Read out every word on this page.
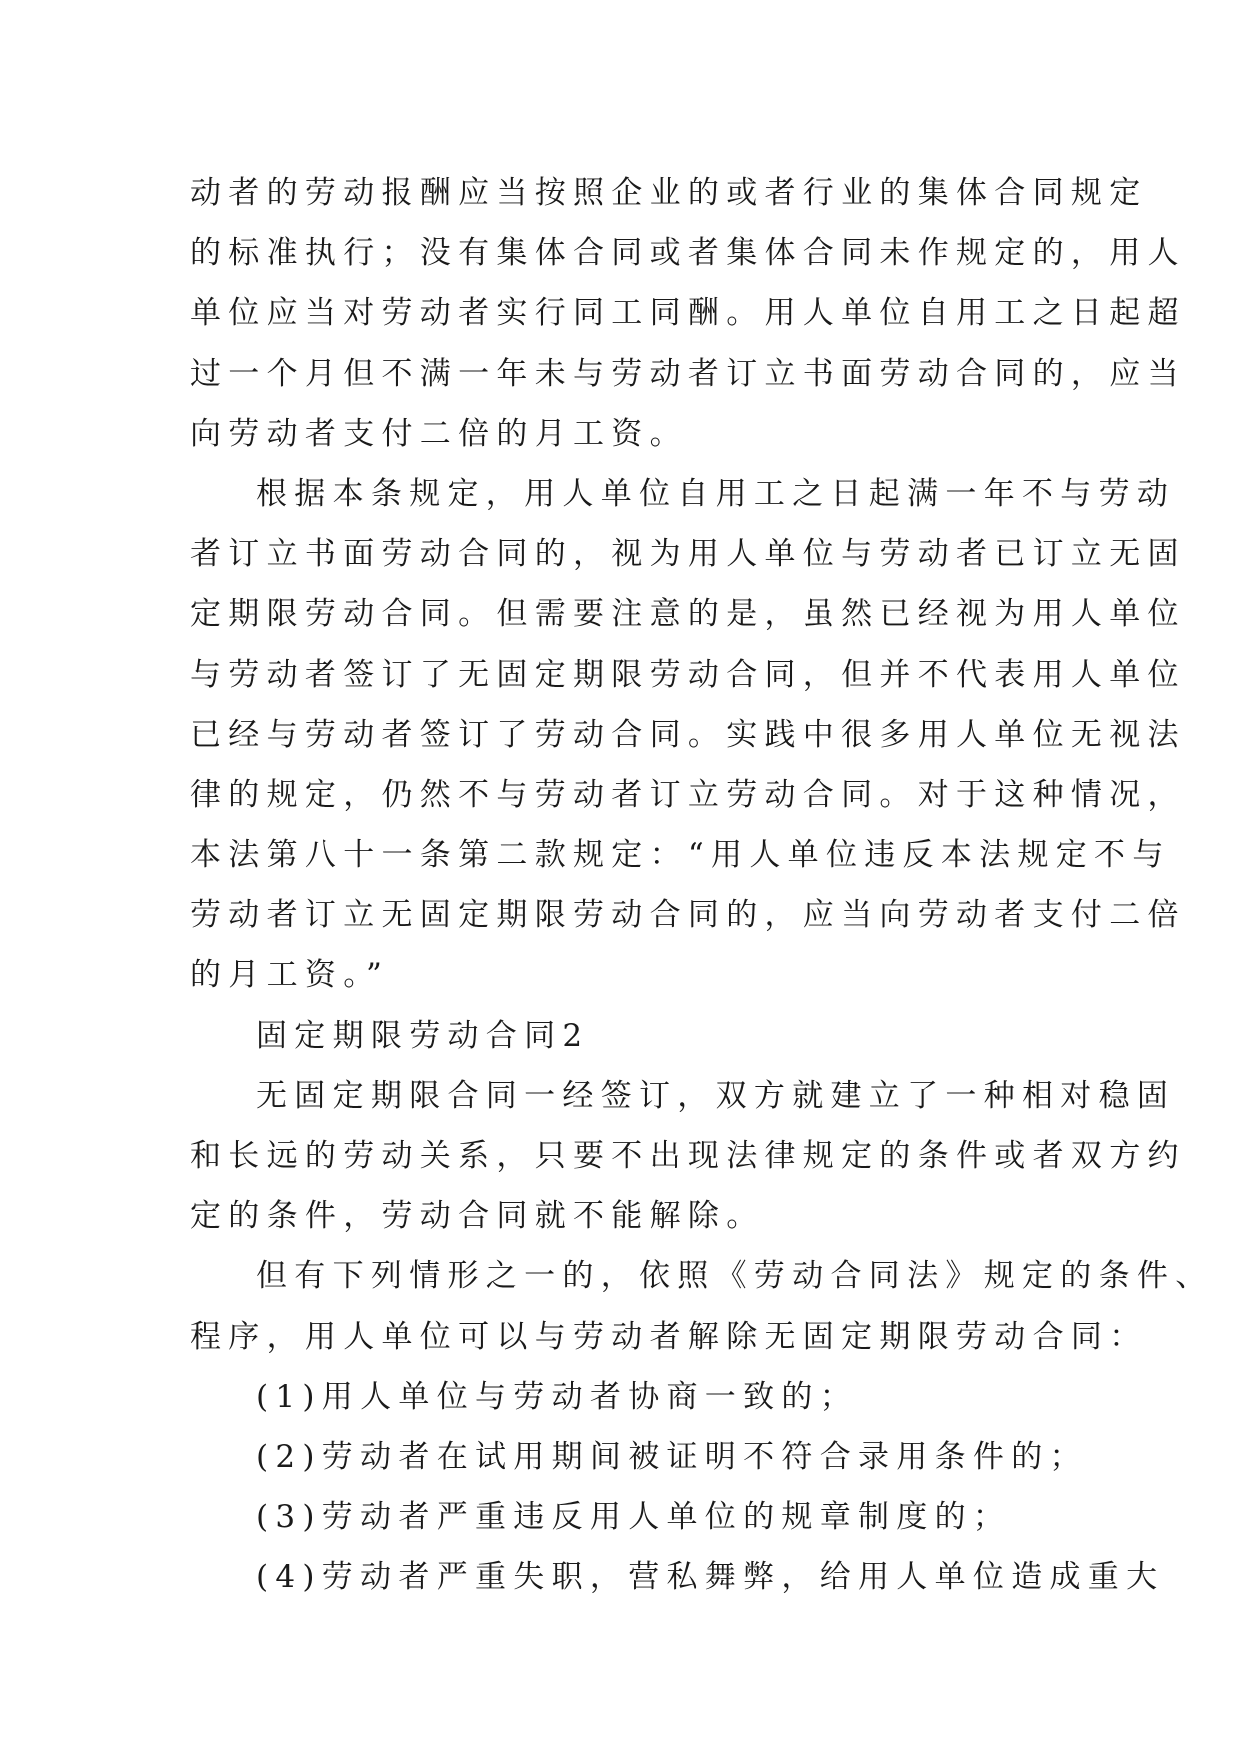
动者的劳动报酬应当按照企业的或者行业的集体合同规定
的标准执行；没有集体合同或者集体合同未作规定的，用人
单位应当对劳动者实行同工同酬。用人单位自用工之日起超
过一个月但不满一年未与劳动者订立书面劳动合同的，应当
向劳动者支付二倍的月工资。
根据本条规定，用人单位自用工之日起满一年不与劳动
者订立书面劳动合同的，视为用人单位与劳动者已订立无固
定期限劳动合同。但需要注意的是，虽然已经视为用人单位
与劳动者签订了无固定期限劳动合同，但并不代表用人单位
已经与劳动者签订了劳动合同。实践中很多用人单位无视法
律的规定，仍然不与劳动者订立劳动合同。对于这种情况，
本法第八十一条第二款规定：“用人单位违反本法规定不与
劳动者订立无固定期限劳动合同的，应当向劳动者支付二倍
的月工资。”
固定期限劳动合同2
无固定期限合同一经签订，双方就建立了一种相对稳固
和长远的劳动关系，只要不出现法律规定的条件或者双方约
定的条件，劳动合同就不能解除。
但有下列情形之一的，依照《劳动合同法》规定的条件、
程序，用人单位可以与劳动者解除无固定期限劳动合同：
(1)用人单位与劳动者协商一致的；
(2)劳动者在试用期间被证明不符合录用条件的；
(3)劳动者严重违反用人单位的规章制度的；
(4)劳动者严重失职，营私舞弊，给用人单位造成重大
